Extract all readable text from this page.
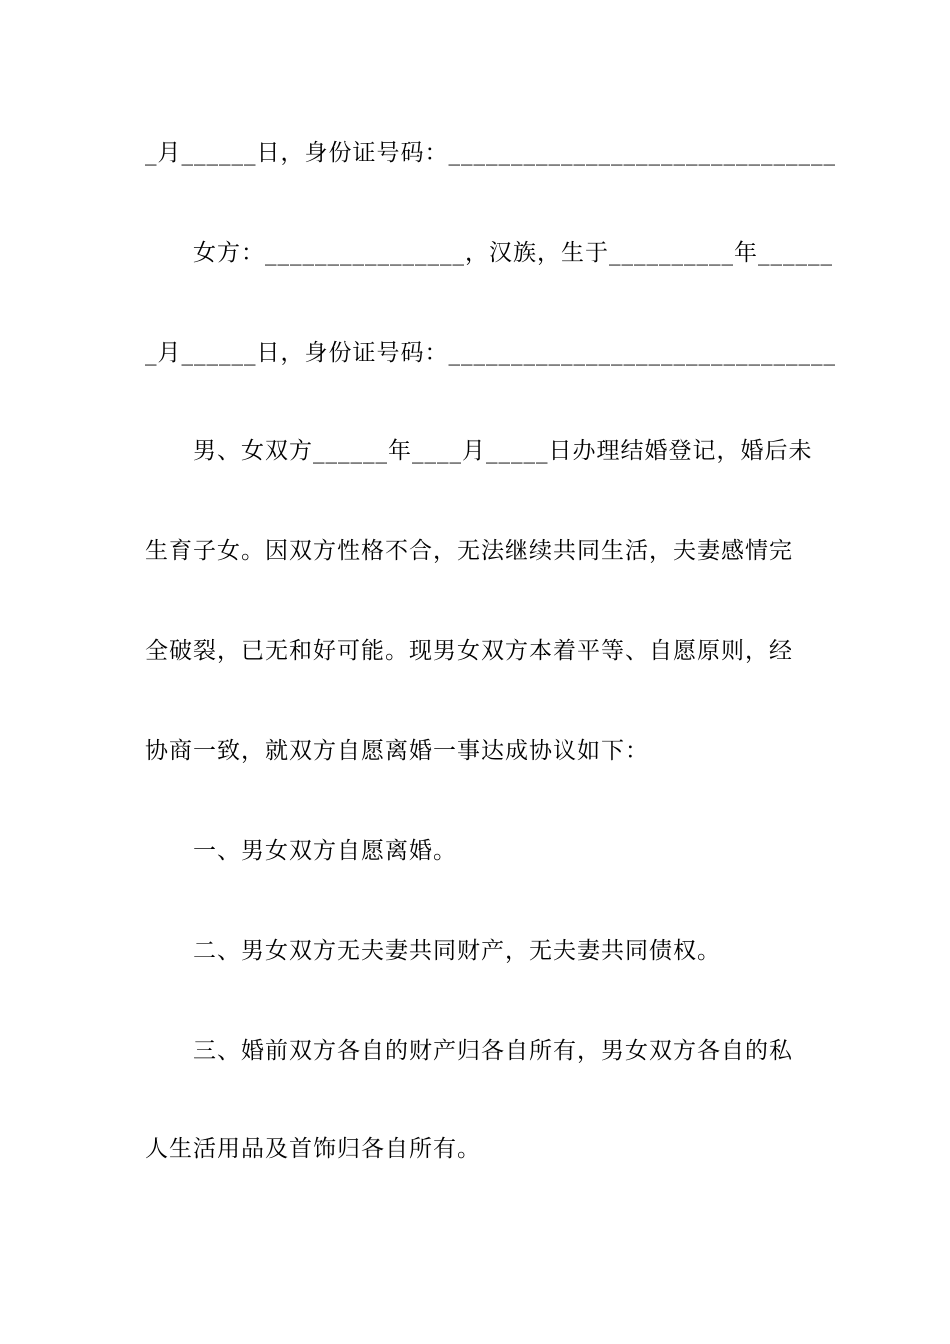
_月______日，身份证号码：_______________________________
女方：________________，汉族，生于__________年______
_月______日，身份证号码：_______________________________
男、女双方______年____月_____日办理结婚登记，婚后未
生育子女。因双方性格不合，无法继续共同生活，夫妻感情完
全破裂，已无和好可能。现男女双方本着平等、自愿原则，经
协商一致，就双方自愿离婚一事达成协议如下：
一、男女双方自愿离婚。
二、男女双方无夫妻共同财产，无夫妻共同债权。
三、婚前双方各自的财产归各自所有，男女双方各自的私
人生活用品及首饰归各自所有。
